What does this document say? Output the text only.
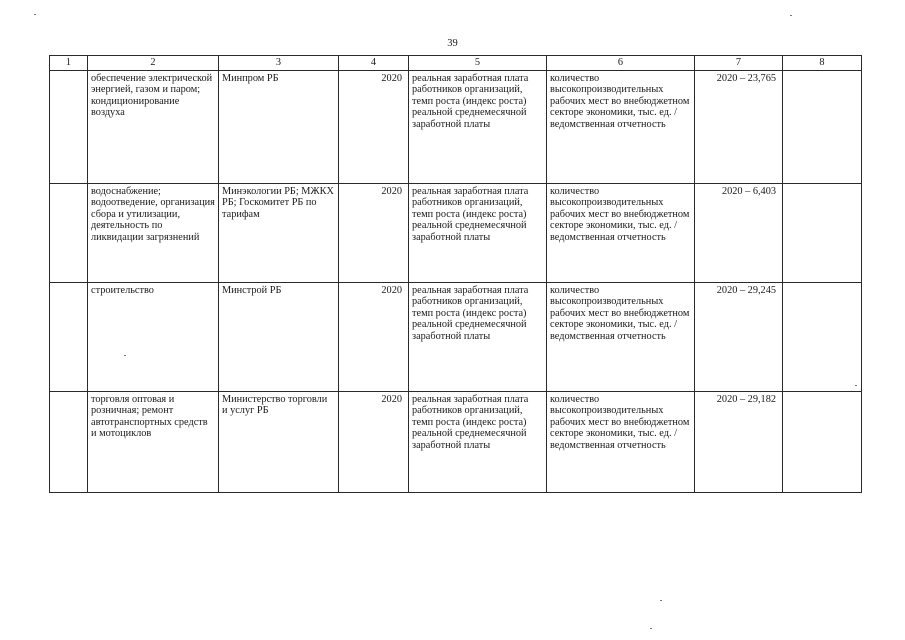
39
1	2	3	4	5	6	7	8
	обеспечение электрической энергией, газом и паром; кондиционирование воздуха	Минпром РБ	2020	реальная заработная плата работников организаций, темп роста (индекс роста) реальной среднемесячной заработной платы	количество высокопроизводительных рабочих мест во внебюджетном секторе экономики, тыс. ед. / ведомственная отчетность	2020 – 23,765	
	водоснабжение; водоотведение, организация сбора и утилизации, деятельность по ликвидации загрязнений	Минэкологии РБ; МЖКХ РБ; Госкомитет РБ по тарифам	2020	реальная заработная плата работников организаций, темп роста (индекс роста) реальной среднемесячной заработной платы	количество высокопроизводительных рабочих мест во внебюджетном секторе экономики, тыс. ед. / ведомственная отчетность	2020 – 6,403	
	строительство	Минстрой РБ	2020	реальная заработная плата работников организаций, темп роста (индекс роста) реальной среднемесячной заработной платы	количество высокопроизводительных рабочих мест во внебюджетном секторе экономики, тыс. ед. / ведомственная отчетность	2020 – 29,245	
	торговля оптовая и розничная; ремонт автотранспортных средств и мотоциклов	Министерство торговли и услуг РБ	2020	реальная заработная плата работников организаций, темп роста (индекс роста) реальной среднемесячной заработной платы	количество высокопроизводительных рабочих мест во внебюджетном секторе экономики, тыс. ед. / ведомственная отчетность	2020 – 29,182	
